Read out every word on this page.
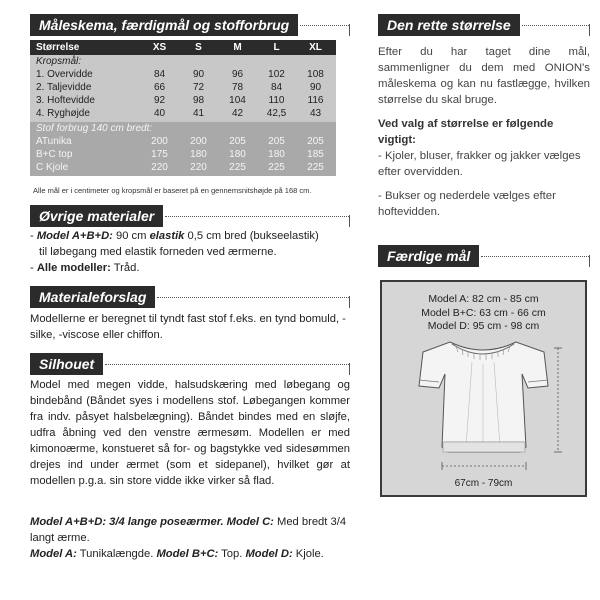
Måleskema, færdigmål og stofforbrug
Størrelse	XS	S	M	L	XL
Kropsmål:
1. Overvidde	84	90	96	102	108
2. Taljevidde	66	72	78	84	90
3. Hoftevidde	92	98	104	110	116
4. Ryghøjde	40	41	42	42,5	43
Stof forbrug 140 cm bredt:
ATunika	200	200	205	205	205
B+C top	175	180	180	180	185
C Kjole	220	220	225	225	225
Alle mål er i centimeter og kropsmål er baseret på en gennemsnitshøjde på 168 cm.
Øvrige materialer

- Model A+B+D: 90 cm elastik 0,5 cm bred (bukseelastik)

til løbegang med elastik forneden ved ærmerne.

- Alle modeller: Tråd.

Materialeforslag
Modellerne er beregnet til tyndt fast stof f.eks. en tynd bomuld, -silke, -viscose eller chiffon.
Silhouet
Model med megen vidde, halsudskæring med løbegang og bindebånd (Båndet syes i modellens stof. Løbegangen kommer fra indv. påsyet halsbelægning). Båndet bindes med en sløjfe, udfra åbning ved den venstre ærmesøm. Modellen er med kimonoærme, konstueret så for- og bagstykke ved sidesømmen drejes ind under ærmet (som et sidepanel), hvilket gør at modellen p.g.a. sin store vidde ikke virker så flad.

Model A+B+D: 3/4 lange poseærmer. Model C: Med bredt 3/4 langt ærme.

Model A: Tunikalængde. Model B+C: Top. Model D: Kjole.

Den rette størrelse

Efter du har taget dine mål, sammenligner du dem med ONION's måleskema og kan nu fastlægge, hvilken størrelse du skal bruge.

Ved valg af størrelse er følgende vigtigt:

- Kjoler, bluser, frakker og jakker vælges efter overvidden.

- Bukser og nederdele vælges efter hoftevidden.

Færdige mål
Model A: 82 cm - 85 cm
Model B+C: 63 cm - 66 cm
Model D: 95 cm - 98 cm
67cm - 79cm
